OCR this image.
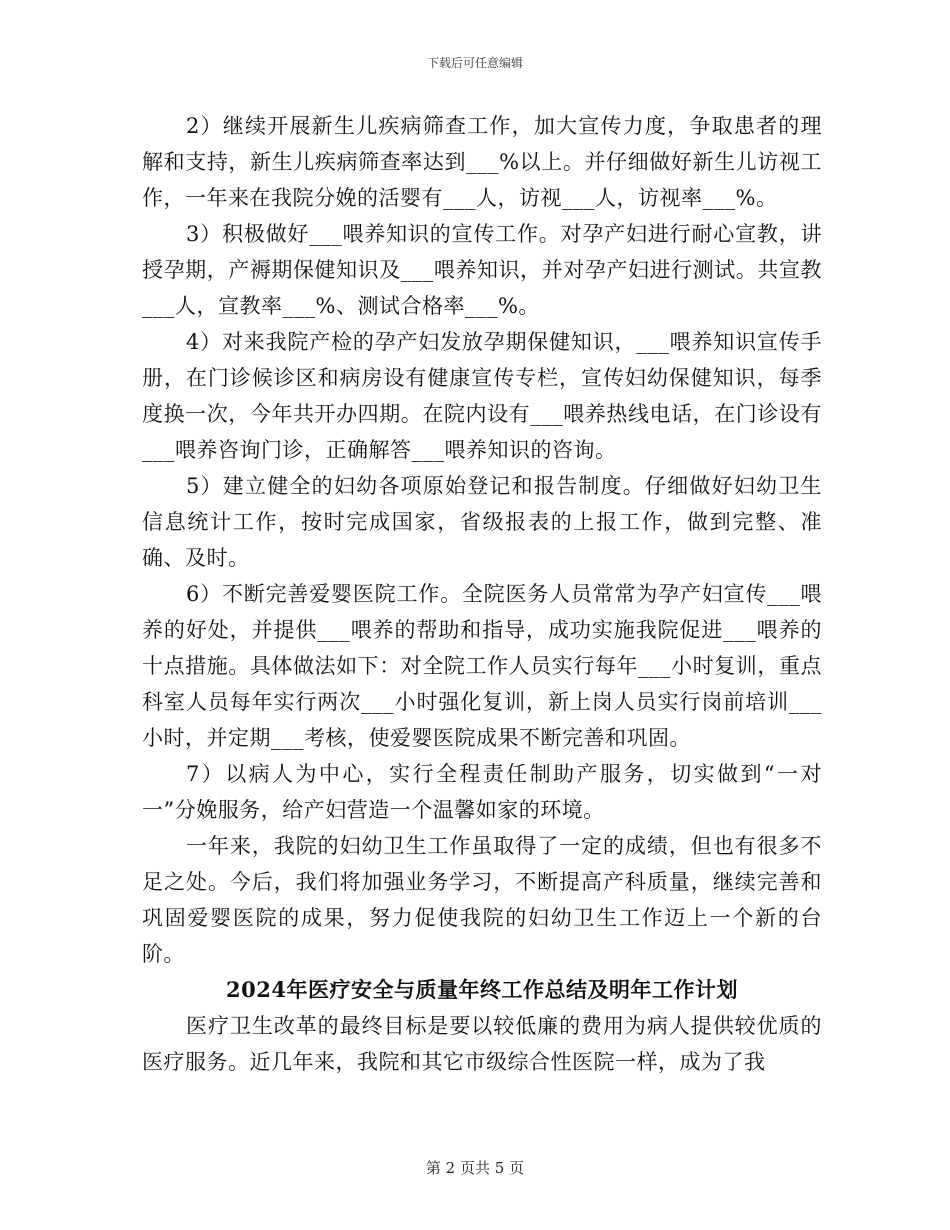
下载后可任意编辑

2）继续开展新生儿疾病筛查工作，加大宣传力度，争取患者的理解和支持，新生儿疾病筛查率达到___%以上。并仔细做好新生儿访视工作，一年来在我院分娩的活婴有___人，访视___人，访视率___%。

3）积极做好___喂养知识的宣传工作。对孕产妇进行耐心宣教，讲授孕期，产褥期保健知识及___喂养知识，并对孕产妇进行测试。共宣教___人，宣教率___%、测试合格率___%。

4）对来我院产检的孕产妇发放孕期保健知识，___喂养知识宣传手册，在门诊候诊区和病房设有健康宣传专栏，宣传妇幼保健知识，每季度换一次，今年共开办四期。在院内设有___喂养热线电话，在门诊设有___喂养咨询门诊，正确解答___喂养知识的咨询。

5）建立健全的妇幼各项原始登记和报告制度。仔细做好妇幼卫生信息统计工作，按时完成国家，省级报表的上报工作，做到完整、准确、及时。

6）不断完善爱婴医院工作。全院医务人员常常为孕产妇宣传___喂养的好处，并提供___喂养的帮助和指导，成功实施我院促进___喂养的十点措施。具体做法如下：对全院工作人员实行每年___小时复训，重点科室人员每年实行两次___小时强化复训，新上岗人员实行岗前培训___小时，并定期___考核，使爱婴医院成果不断完善和巩固。

7）以病人为中心，实行全程责任制助产服务，切实做到“一对一”分娩服务，给产妇营造一个温馨如家的环境。

一年来，我院的妇幼卫生工作虽取得了一定的成绩，但也有很多不足之处。今后，我们将加强业务学习，不断提高产科质量，继续完善和巩固爱婴医院的成果，努力促使我院的妇幼卫生工作迈上一个新的台阶。

2024年医疗安全与质量年终工作总结及明年工作计划

医疗卫生改革的最终目标是要以较低廉的费用为病人提供较优质的医疗服务。近几年来，我院和其它市级综合性医院一样，成为了我

第 2 页共 5 页
